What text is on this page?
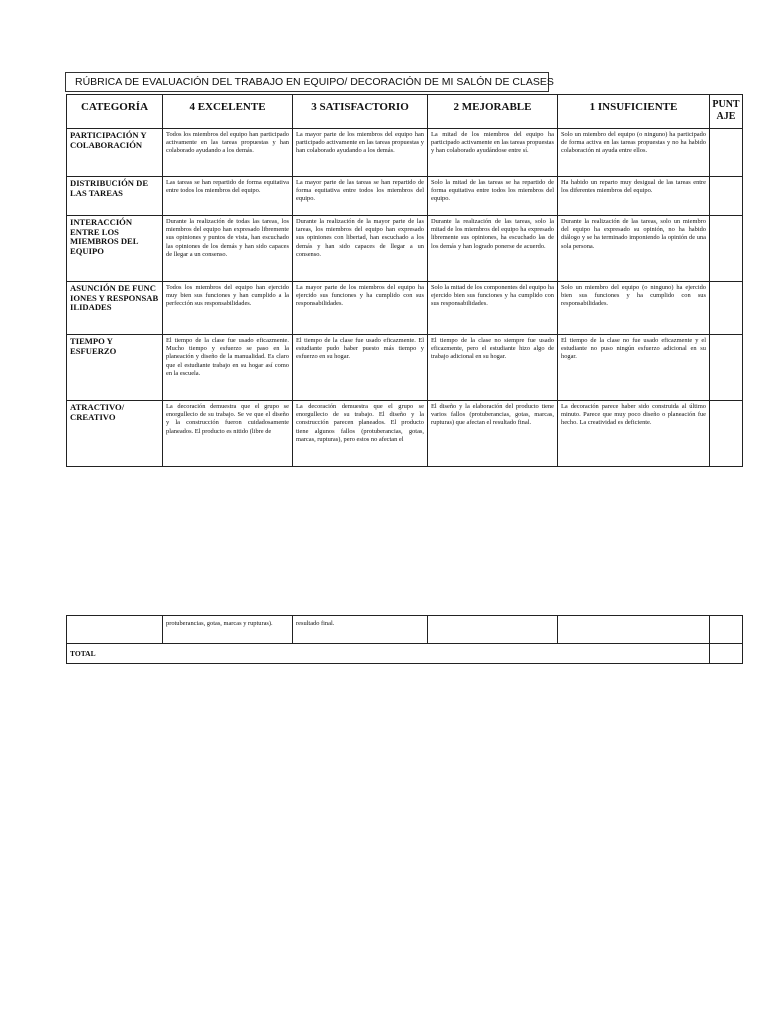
RÚBRICA DE EVALUACIÓN DEL TRABAJO EN EQUIPO/ DECORACIÓN DE MI SALÓN DE CLASES
CATEGORÍA	4 EXCELENTE	3 SATISFACTORIO	2 MEJORABLE	1 INSUFICIENTE	PUNTAJE
PARTICIPACIÓN Y COLABORACIÓN	Todos los miembros del equipo han participado activamente en las tareas propuestas y han colaborado ayudando a los demás.	La mayor parte de los miembros del equipo han participado activamente en las tareas propuestas y han colaborado ayudando a los demás.	La mitad de los miembros del equipo ha participado activamente en las tareas propuestas y han colaborado ayudándose entre sí.	Solo un miembro del equipo (o ninguno) ha participado de forma activa en las tareas propuestas y no ha habido colaboración ni ayuda entre ellos.	
DISTRIBUCIÓN DE LAS TAREAS	Las tareas se han repartido de forma equitativa entre todos los miembros del equipo.	La mayor parte de las tareas se han repartido de forma equitativa entre todos los miembros del equipo.	Solo la mitad de las tareas se ha repartido de forma equitativa entre todos los miembros del equipo.	Ha habido un reparto muy desigual de las tareas entre los diferentes miembros del equipo.	
INTERACCIÓN ENTRE LOS MIEMBROS DEL EQUIPO	Durante la realización de todas las tareas, los miembros del equipo han expresado libremente sus opiniones y puntos de vista, han escuchado las opiniones de los demás y han sido capaces de llegar a un consenso.	Durante la realización de la mayor parte de las tareas, los miembros del equipo han expresado sus opiniones con libertad, han escuchado a los demás y han sido capaces de llegar a un consenso.	Durante la realización de las tareas, solo la mitad de los miembros del equipo ha expresado libremente sus opiniones, ha escuchado las de los demás y han logrado ponerse de acuerdo.	Durante la realización de las tareas, solo un miembro del equipo ha expresado su opinión, no ha habido diálogo y se ha terminado imponiendo la opinión de una sola persona.	
ASUNCIÓN DE FUNCIONES Y RESPONSABILIDADES	Todos los miembros del equipo han ejercido muy bien sus funciones y han cumplido a la perfección sus responsabilidades.	La mayor parte de los miembros del equipo ha ejercido sus funciones y ha cumplido con sus responsabilidades.	Solo la mitad de los componentes del equipo ha ejercido bien sus funciones y ha cumplido con sus responsabilidades.	Solo un miembro del equipo (o ninguno) ha ejercido bien sus funciones y ha cumplido con sus responsabilidades.	
TIEMPO Y ESFUERZO	El tiempo de la clase fue usado eficazmente. Mucho tiempo y esfuerzo se paso en la planeación y diseño de la manualidad. Es claro que el estudiante trabajo en su hogar así como en la escuela.	El tiempo de la clase fue usado eficazmente. El estudiante pudo haber puesto más tiempo y esfuerzo en su hogar.	El tiempo de la clase no siempre fue usado eficazmente, pero el estudiante hizo algo de trabajo adicional en su hogar.	El tiempo de la clase no fue usado eficazmente y el estudiante no puso ningún esfuerzo adicional en su hogar.	
ATRACTIVO/ CREATIVO	La decoración demuestra que el grupo se enorgullecio de su trabajo. Se ve que el diseño y la construcción fueron cuidadosamente planeados. El producto es nitido (libre de	La decoración demuestra que el grupo se enorgullecio de su trabajo. El diseño y la construcción parecen planeados. El producto tiene algunos fallos (protuberancias, gotas, marcas, rupturas), pero estos no afectan el	El diseño y la elaboración del producto tiene varios fallos (protuberancias, gotas, marcas, rupturas) que afectan el resultado final.	La decoración parece haber sido construida al último minuto. Parece que muy poco diseño o planeación fue hecho. La creatividad es deficiente.	
	protuberancias, gotas, marcas y rupturas).	resultado final.			
TOTAL					
